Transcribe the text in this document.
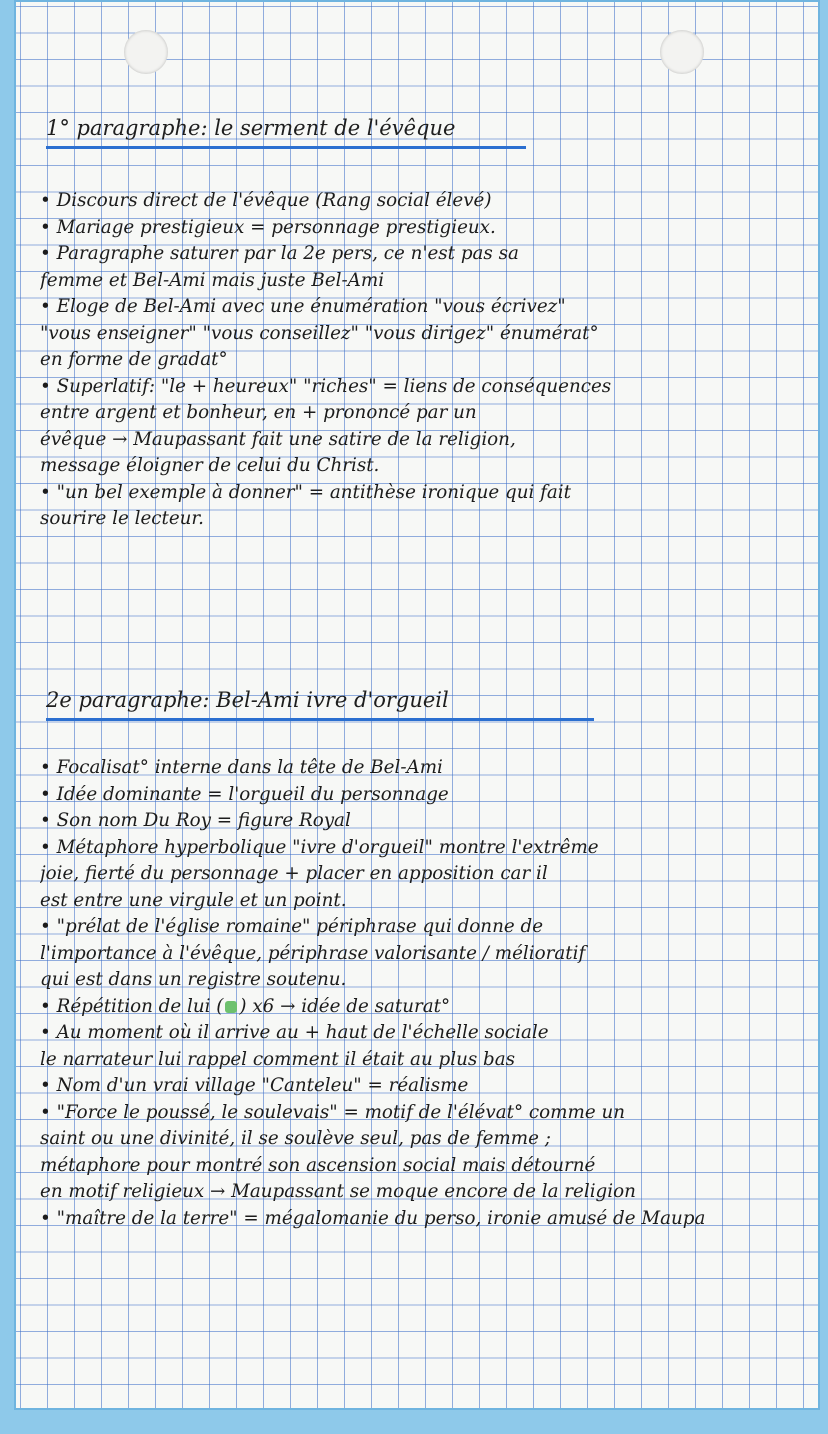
1° paragraphe: le serment de l'évêque
• Discours direct de l'évêque (Rang social élevé)
• Mariage prestigieux = personnage prestigieux.
• Paragraphe saturer par la 2e pers, ce n'est pas sa
femme et Bel-Ami mais juste Bel-Ami
• Eloge de Bel-Ami avec une énumération "vous écrivez"
"vous enseigner" "vous conseillez" "vous dirigez" énumérat°
en forme de gradat°
• Superlatif: "le + heureux" "riches" = liens de conséquences
entre argent et bonheur, en + prononcé par un
évêque → Maupassant fait une satire de la religion,
message éloigner de celui du Christ.
• "un bel exemple à donner" = antithèse ironique qui fait
sourire le lecteur.
2e paragraphe: Bel-Ami ivre d'orgueil
• Focalisat° interne dans la tête de Bel-Ami
• Idée dominante = l'orgueil du personnage
• Son nom Du Roy = figure Royal
• Métaphore hyperbolique "ivre d'orgueil" montre l'extrême
joie, fierté du personnage + placer en apposition car il
est entre une virgule et un point.
• "prélat de l'église romaine" périphrase qui donne de
l'importance à l'évêque, périphrase valorisante / mélioratif
qui est dans un registre soutenu.
• Répétition de lui ( ) x6 → idée de saturat°
• Au moment où il arrive au + haut de l'échelle sociale
le narrateur lui rappel comment il était au plus bas
• Nom d'un vrai village "Canteleu" = réalisme
• "Force le poussé, le soulevais" = motif de l'élévat° comme un
saint ou une divinité, il se soulève seul, pas de femme ;
métaphore pour montré son ascension social mais détourné
en motif religieux → Maupassant se moque encore de la religion
• "maître de la terre" = mégalomanie du perso, ironie amusé de Maupa
